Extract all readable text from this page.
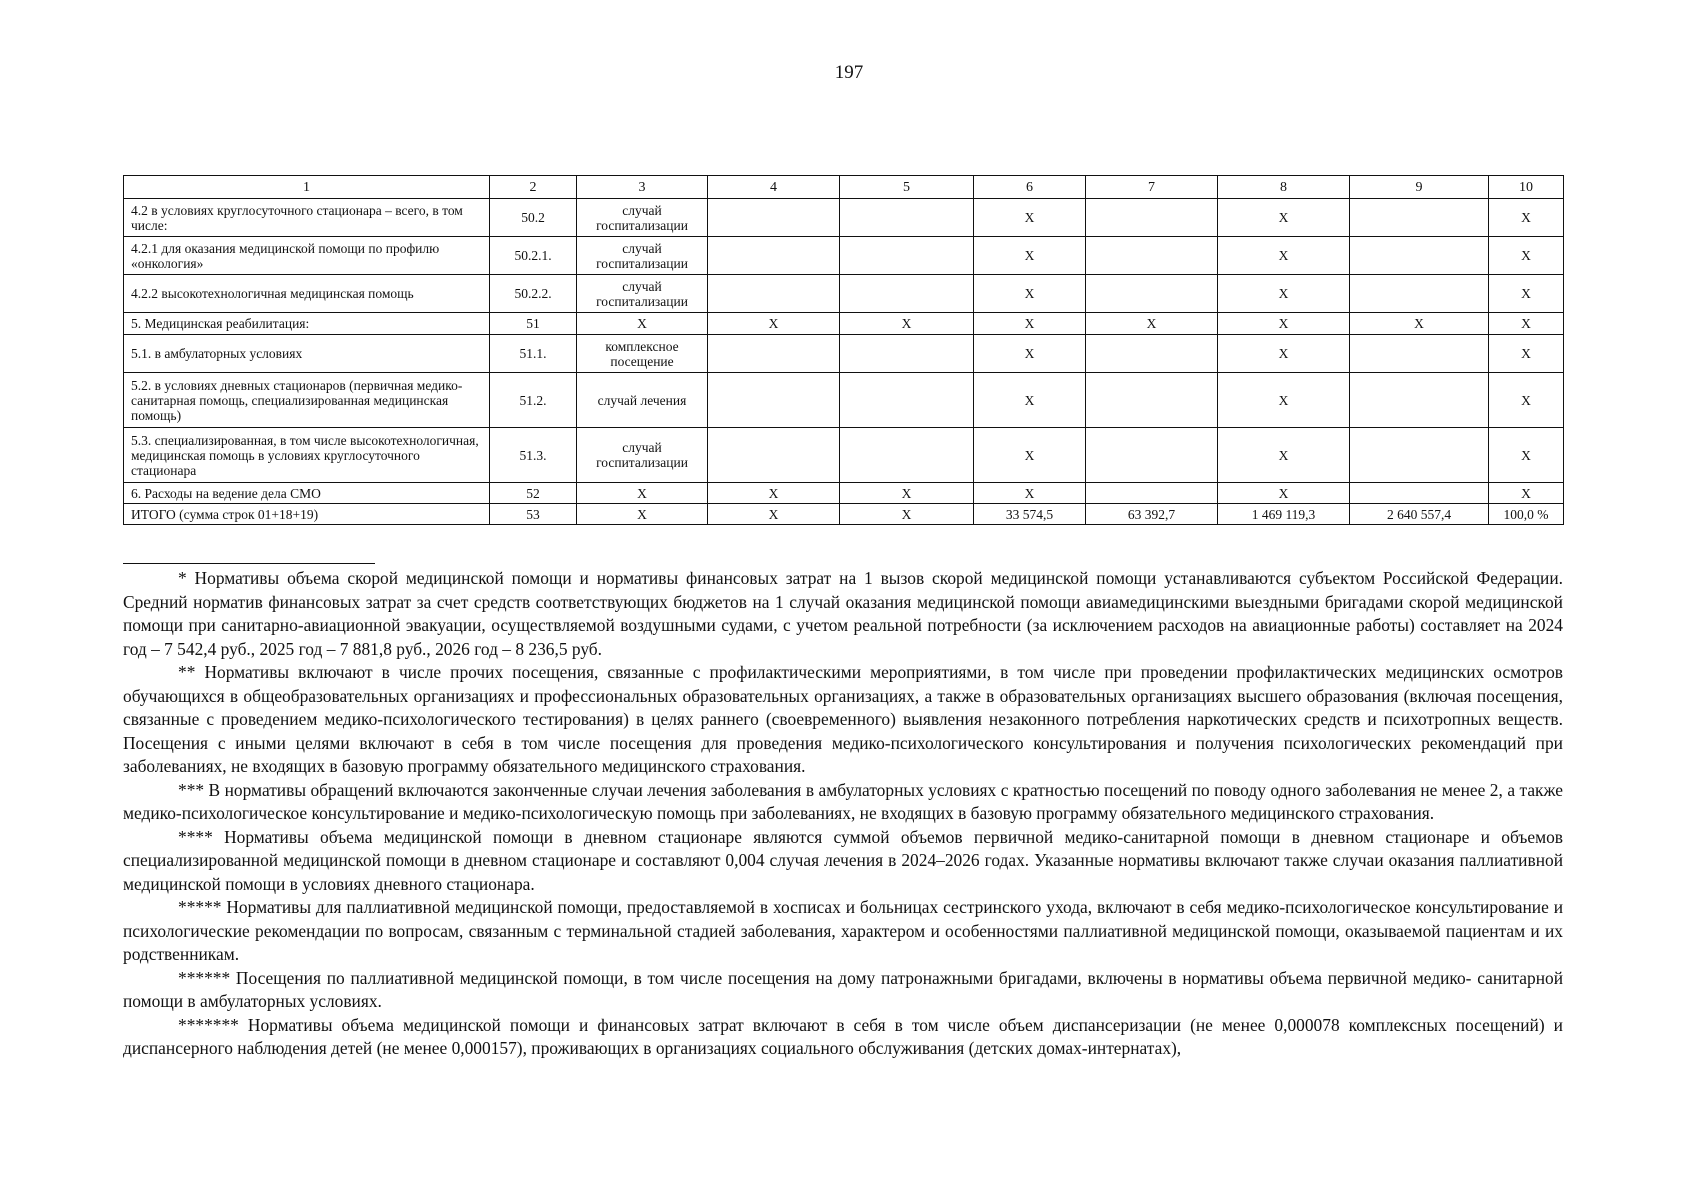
197
1	2	3	4	5	6	7	8	9	10
4.2 в условиях круглосуточного стационара – всего, в том числе:	50.2	случай госпитализации			Х		Х		Х
4.2.1 для оказания медицинской помощи по профилю «онкология»	50.2.1.	случай госпитализации			Х		Х		Х
4.2.2 высокотехнологичная медицинская помощь	50.2.2.	случай госпитализации			Х		Х		Х
5. Медицинская реабилитация:	51	Х	Х	Х	Х	Х	Х	Х	Х
5.1. в амбулаторных условиях	51.1.	комплексное посещение			Х		Х		Х
5.2. в условиях дневных стационаров (первичная медико-санитарная помощь, специализированная медицинская помощь)	51.2.	случай лечения			Х		Х		Х
5.3. специализированная, в том числе высокотехнологичная, медицинская помощь в условиях круглосуточного стационара	51.3.	случай госпитализации			Х		Х		Х
6. Расходы на ведение дела СМО	52	Х	Х	Х	Х		Х		Х
ИТОГО (сумма строк 01+18+19)	53	Х	Х	Х	33 574,5	63 392,7	1 469 119,3	2 640 557,4	100,0 %

* Нормативы объема скорой медицинской помощи и нормативы финансовых затрат на 1 вызов скорой медицинской помощи устанавливаются субъектом Российской Федерации. Средний норматив финансовых затрат за счет средств соответствующих бюджетов на 1 случай оказания медицинской помощи авиамедицинскими выездными бригадами скорой медицинской помощи при санитарно-авиационной эвакуации, осуществляемой воздушными судами, с учетом реальной потребности (за исключением расходов на авиационные работы) составляет на 2024 год – 7 542,4 руб., 2025 год – 7 881,8 руб., 2026 год – 8 236,5 руб.

** Нормативы включают в числе прочих посещения, связанные с профилактическими мероприятиями, в том числе при проведении профилактических медицинских осмотров обучающихся в общеобразовательных организациях и профессиональных образовательных организациях, а также в образовательных организациях высшего образования (включая посещения, связанные с проведением медико-психологического тестирования) в целях раннего (своевременного) выявления незаконного потребления наркотических средств и психотропных веществ. Посещения с иными целями включают в себя в том числе посещения для проведения медико-психологического консультирования и получения психологических рекомендаций при заболеваниях, не входящих в базовую программу обязательного медицинского страхования.

*** В нормативы обращений включаются законченные случаи лечения заболевания в амбулаторных условиях с кратностью посещений по поводу одного заболевания не менее 2, а также медико-психологическое консультирование и медико-психологическую помощь при заболеваниях, не входящих в базовую программу обязательного медицинского страхования.

**** Нормативы объема медицинской помощи в дневном стационаре являются суммой объемов первичной медико-санитарной помощи в дневном стационаре и объемов специализированной медицинской помощи в дневном стационаре и составляют 0,004 случая лечения в 2024–2026 годах. Указанные нормативы включают также случаи оказания паллиативной медицинской помощи в условиях дневного стационара.

***** Нормативы для паллиативной медицинской помощи, предоставляемой в хосписах и больницах сестринского ухода, включают в себя медико-психологическое консультирование и психологические рекомендации по вопросам, связанным с терминальной стадией заболевания, характером и особенностями паллиативной медицинской помощи, оказываемой пациентам и их родственникам.

****** Посещения по паллиативной медицинской помощи, в том числе посещения на дому патронажными бригадами, включены в нормативы объема первичной медико- санитарной помощи в амбулаторных условиях.

******* Нормативы объема медицинской помощи и финансовых затрат включают в себя в том числе объем диспансеризации (не менее 0,000078 комплексных посещений) и диспансерного наблюдения детей (не менее 0,000157), проживающих в организациях социального обслуживания (детских домах-интернатах),
